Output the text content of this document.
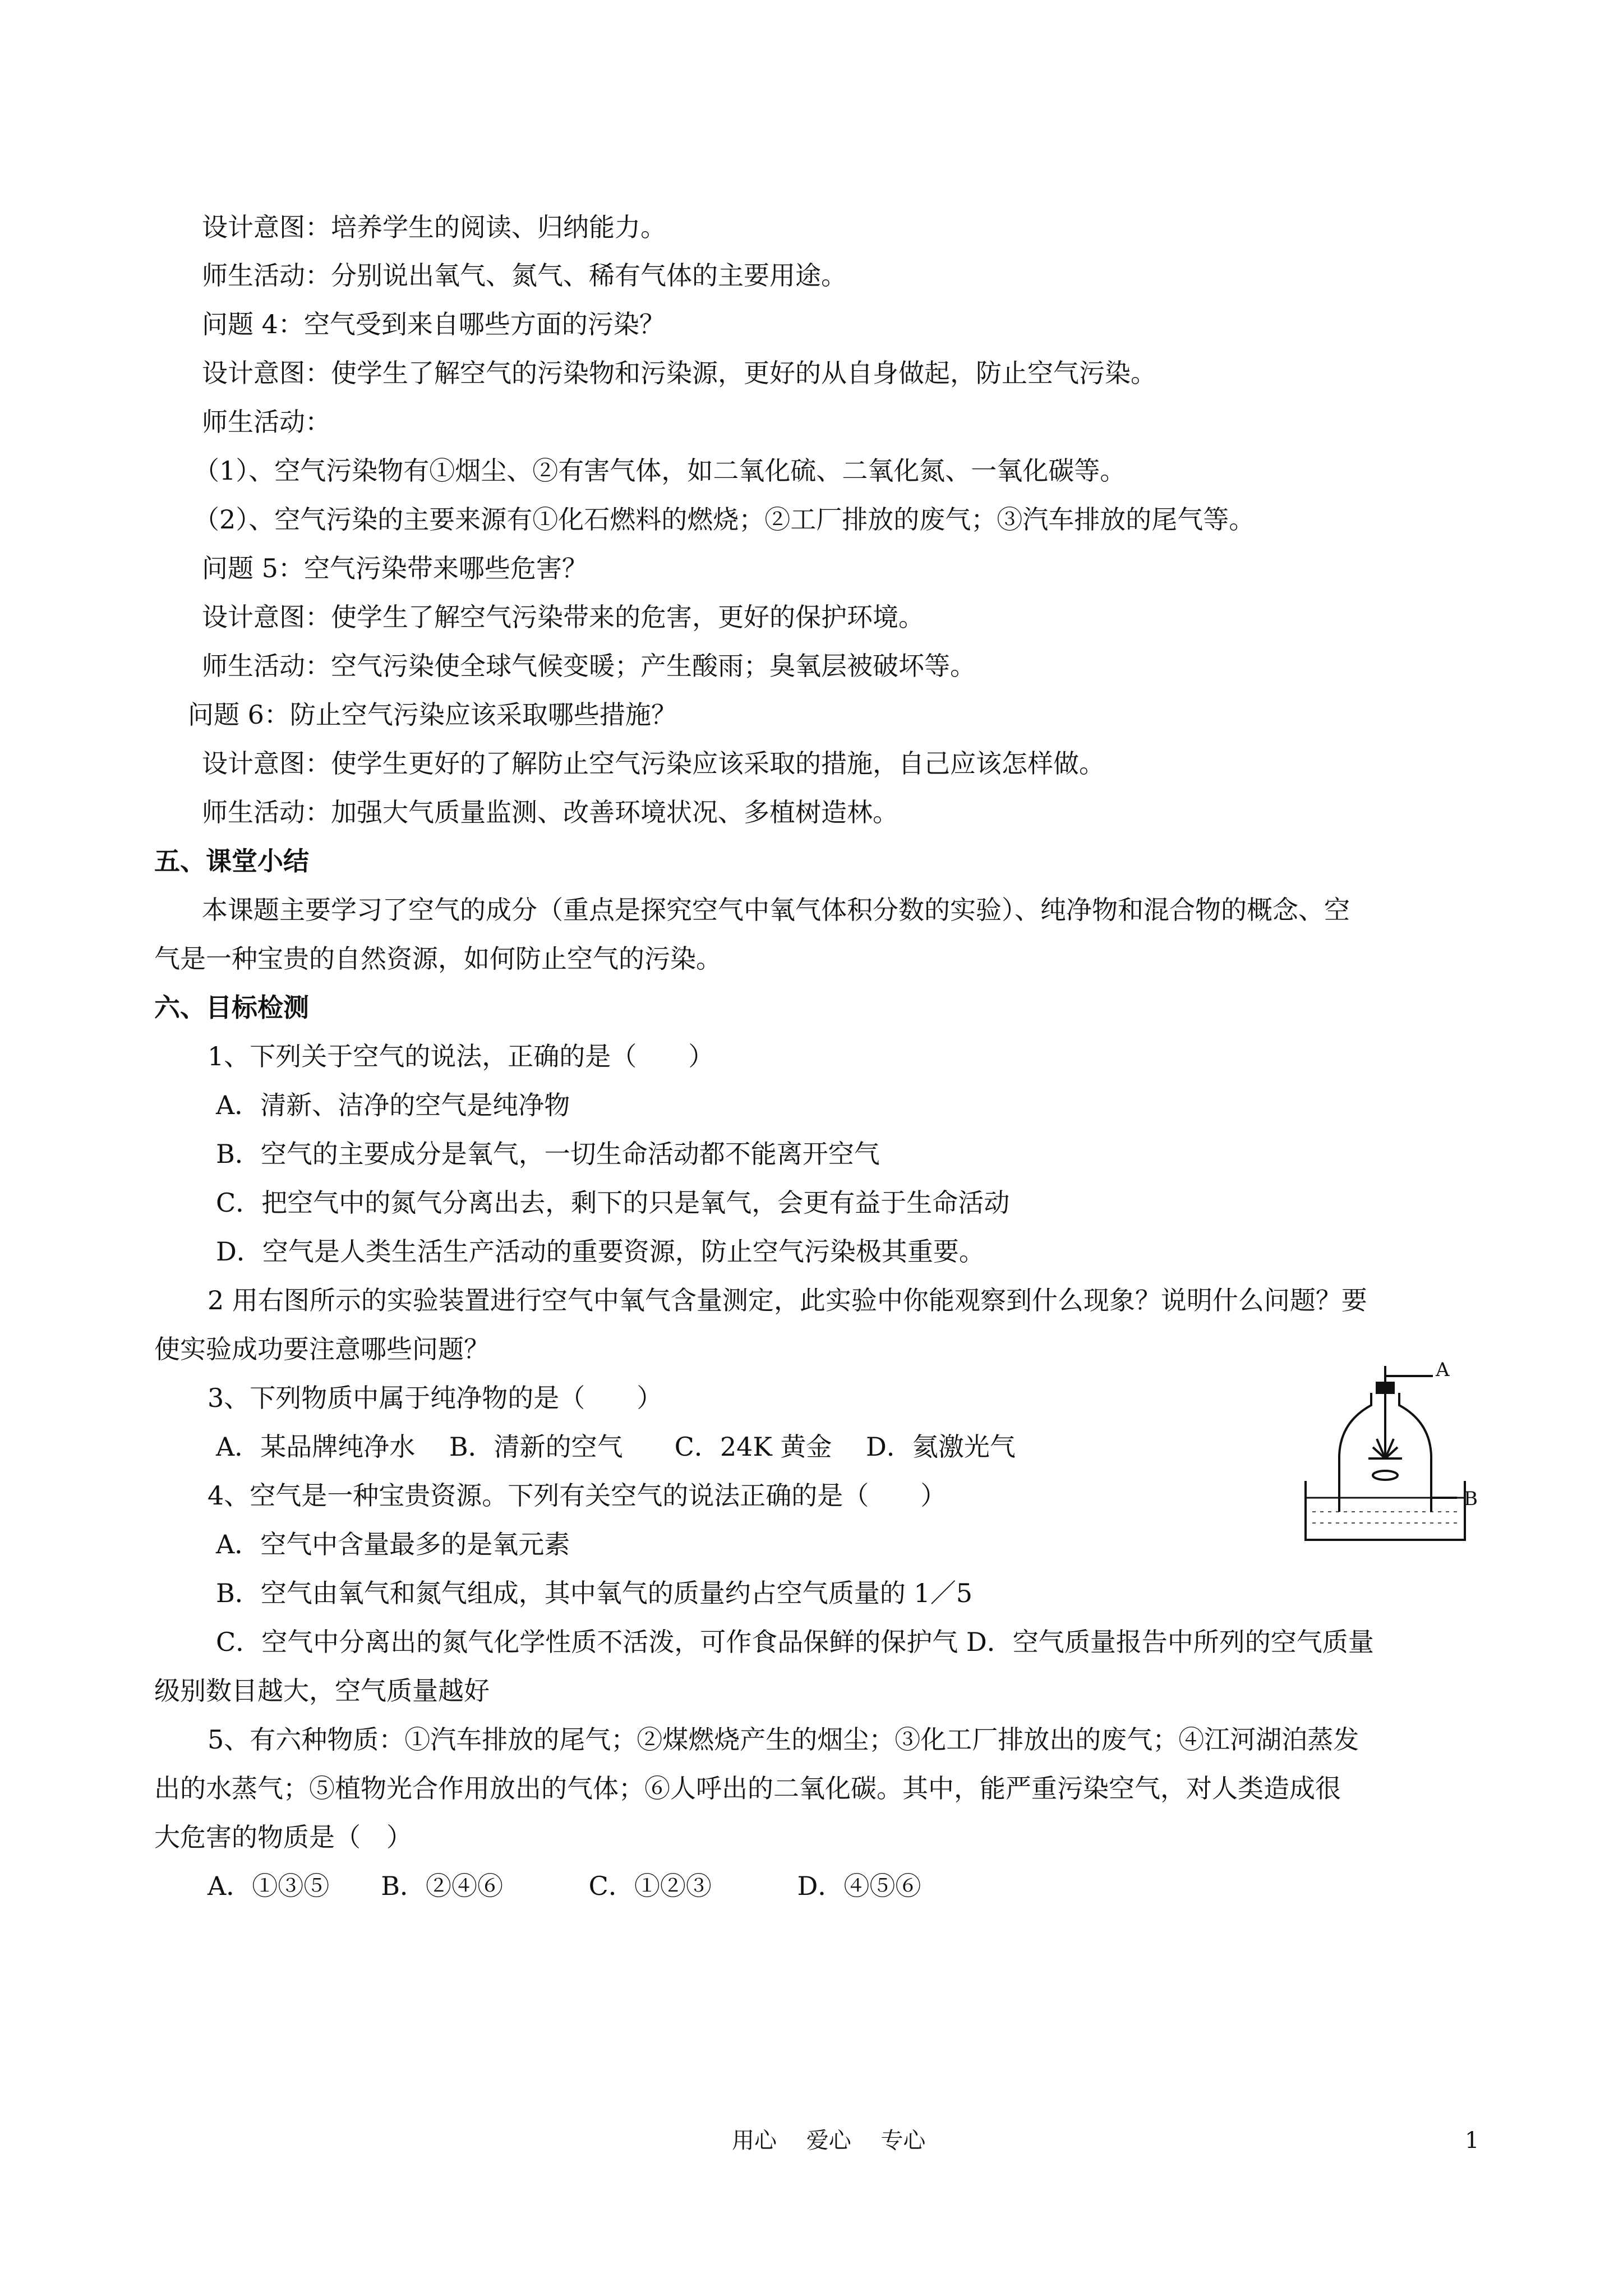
设计意图：培养学生的阅读、归纳能力。
师生活动：分别说出氧气、氮气、稀有气体的主要用途。
问题 4：空气受到来自哪些方面的污染？
设计意图：使学生了解空气的污染物和污染源，更好的从自身做起，防止空气污染。
师生活动：
（1）、空气污染物有①烟尘、②有害气体，如二氧化硫、二氧化氮、一氧化碳等。
（2）、空气污染的主要来源有①化石燃料的燃烧；②工厂排放的废气；③汽车排放的尾气等。
问题 5：空气污染带来哪些危害？
设计意图：使学生了解空气污染带来的危害，更好的保护环境。
师生活动：空气污染使全球气候变暖；产生酸雨；臭氧层被破坏等。
问题 6：防止空气污染应该采取哪些措施？
设计意图：使学生更好的了解防止空气污染应该采取的措施，自己应该怎样做。
师生活动：加强大气质量监测、改善环境状况、多植树造林。
五、课堂小结
本课题主要学习了空气的成分（重点是探究空气中氧气体积分数的实验）、纯净物和混合物的概念、空
气是一种宝贵的自然资源，如何防止空气的污染。
六、目标检测
1、下列关于空气的说法，正确的是（　　）
A．清新、洁净的空气是纯净物
B．空气的主要成分是氧气，一切生命活动都不能离开空气
C．把空气中的氮气分离出去，剩下的只是氧气，会更有益于生命活动
D．空气是人类生活生产活动的重要资源，防止空气污染极其重要。
2 用右图所示的实验装置进行空气中氧气含量测定，此实验中你能观察到什么现象？说明什么问题？要
使实验成功要注意哪些问题？
3、下列物质中属于纯净物的是（　　）
A．某品牌纯净水　 B．清新的空气　　C．24K 黄金　 D．氦激光气
4、空气是一种宝贵资源。下列有关空气的说法正确的是（　　）
A．空气中含量最多的是氧元素
B．空气由氧气和氮气组成，其中氧气的质量约占空气质量的 1／5
C．空气中分离出的氮气化学性质不活泼，可作食品保鲜的保护气 D．空气质量报告中所列的空气质量
级别数目越大，空气质量越好
5、有六种物质：①汽车排放的尾气；②煤燃烧产生的烟尘；③化工厂排放出的废气；④江河湖泊蒸发
出的水蒸气；⑤植物光合作用放出的气体；⑥人呼出的二氧化碳。其中，能严重污染空气，对人类造成很
大危害的物质是（　）
A．①③⑤　　B．②④⑥　　　 C．①②③　　　 D．④⑤⑥
A
B
用心　 爱心　 专心	1
